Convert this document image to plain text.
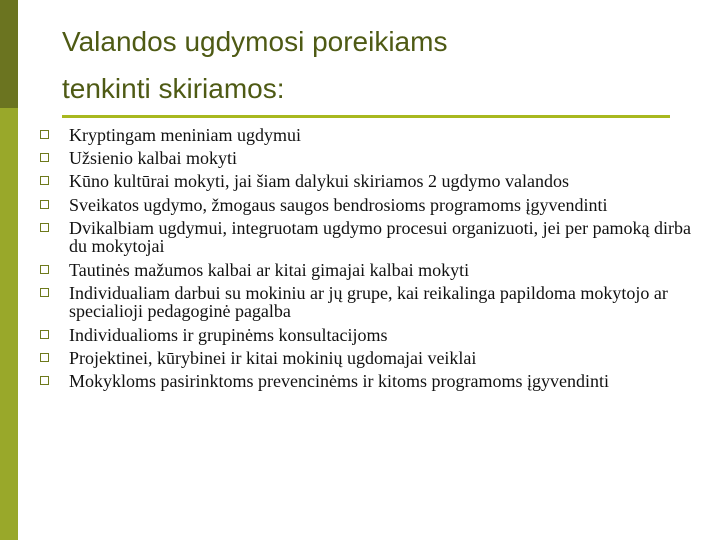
Valandos ugdymosi poreikiams
tenkinti skiriamos:
Kryptingam meniniam ugdymui
Užsienio kalbai mokyti
Kūno kultūrai mokyti, jai šiam dalykui skiriamos 2 ugdymo valandos
Sveikatos ugdymo, žmogaus saugos bendrosioms programoms įgyvendinti
Dvikalbiam ugdymui, integruotam ugdymo procesui organizuoti, jei per pamoką dirba du mokytojai
Tautinės mažumos kalbai ar kitai gimajai kalbai mokyti
Individualiam darbui su mokiniu ar jų grupe, kai reikalinga papildoma mokytojo ar specialioji pedagoginė pagalba
Individualioms ir grupinėms konsultacijoms
Projektinei, kūrybinei ir kitai mokinių ugdomajai veiklai
Mokykloms pasirinktoms prevencinėms ir kitoms programoms įgyvendinti
